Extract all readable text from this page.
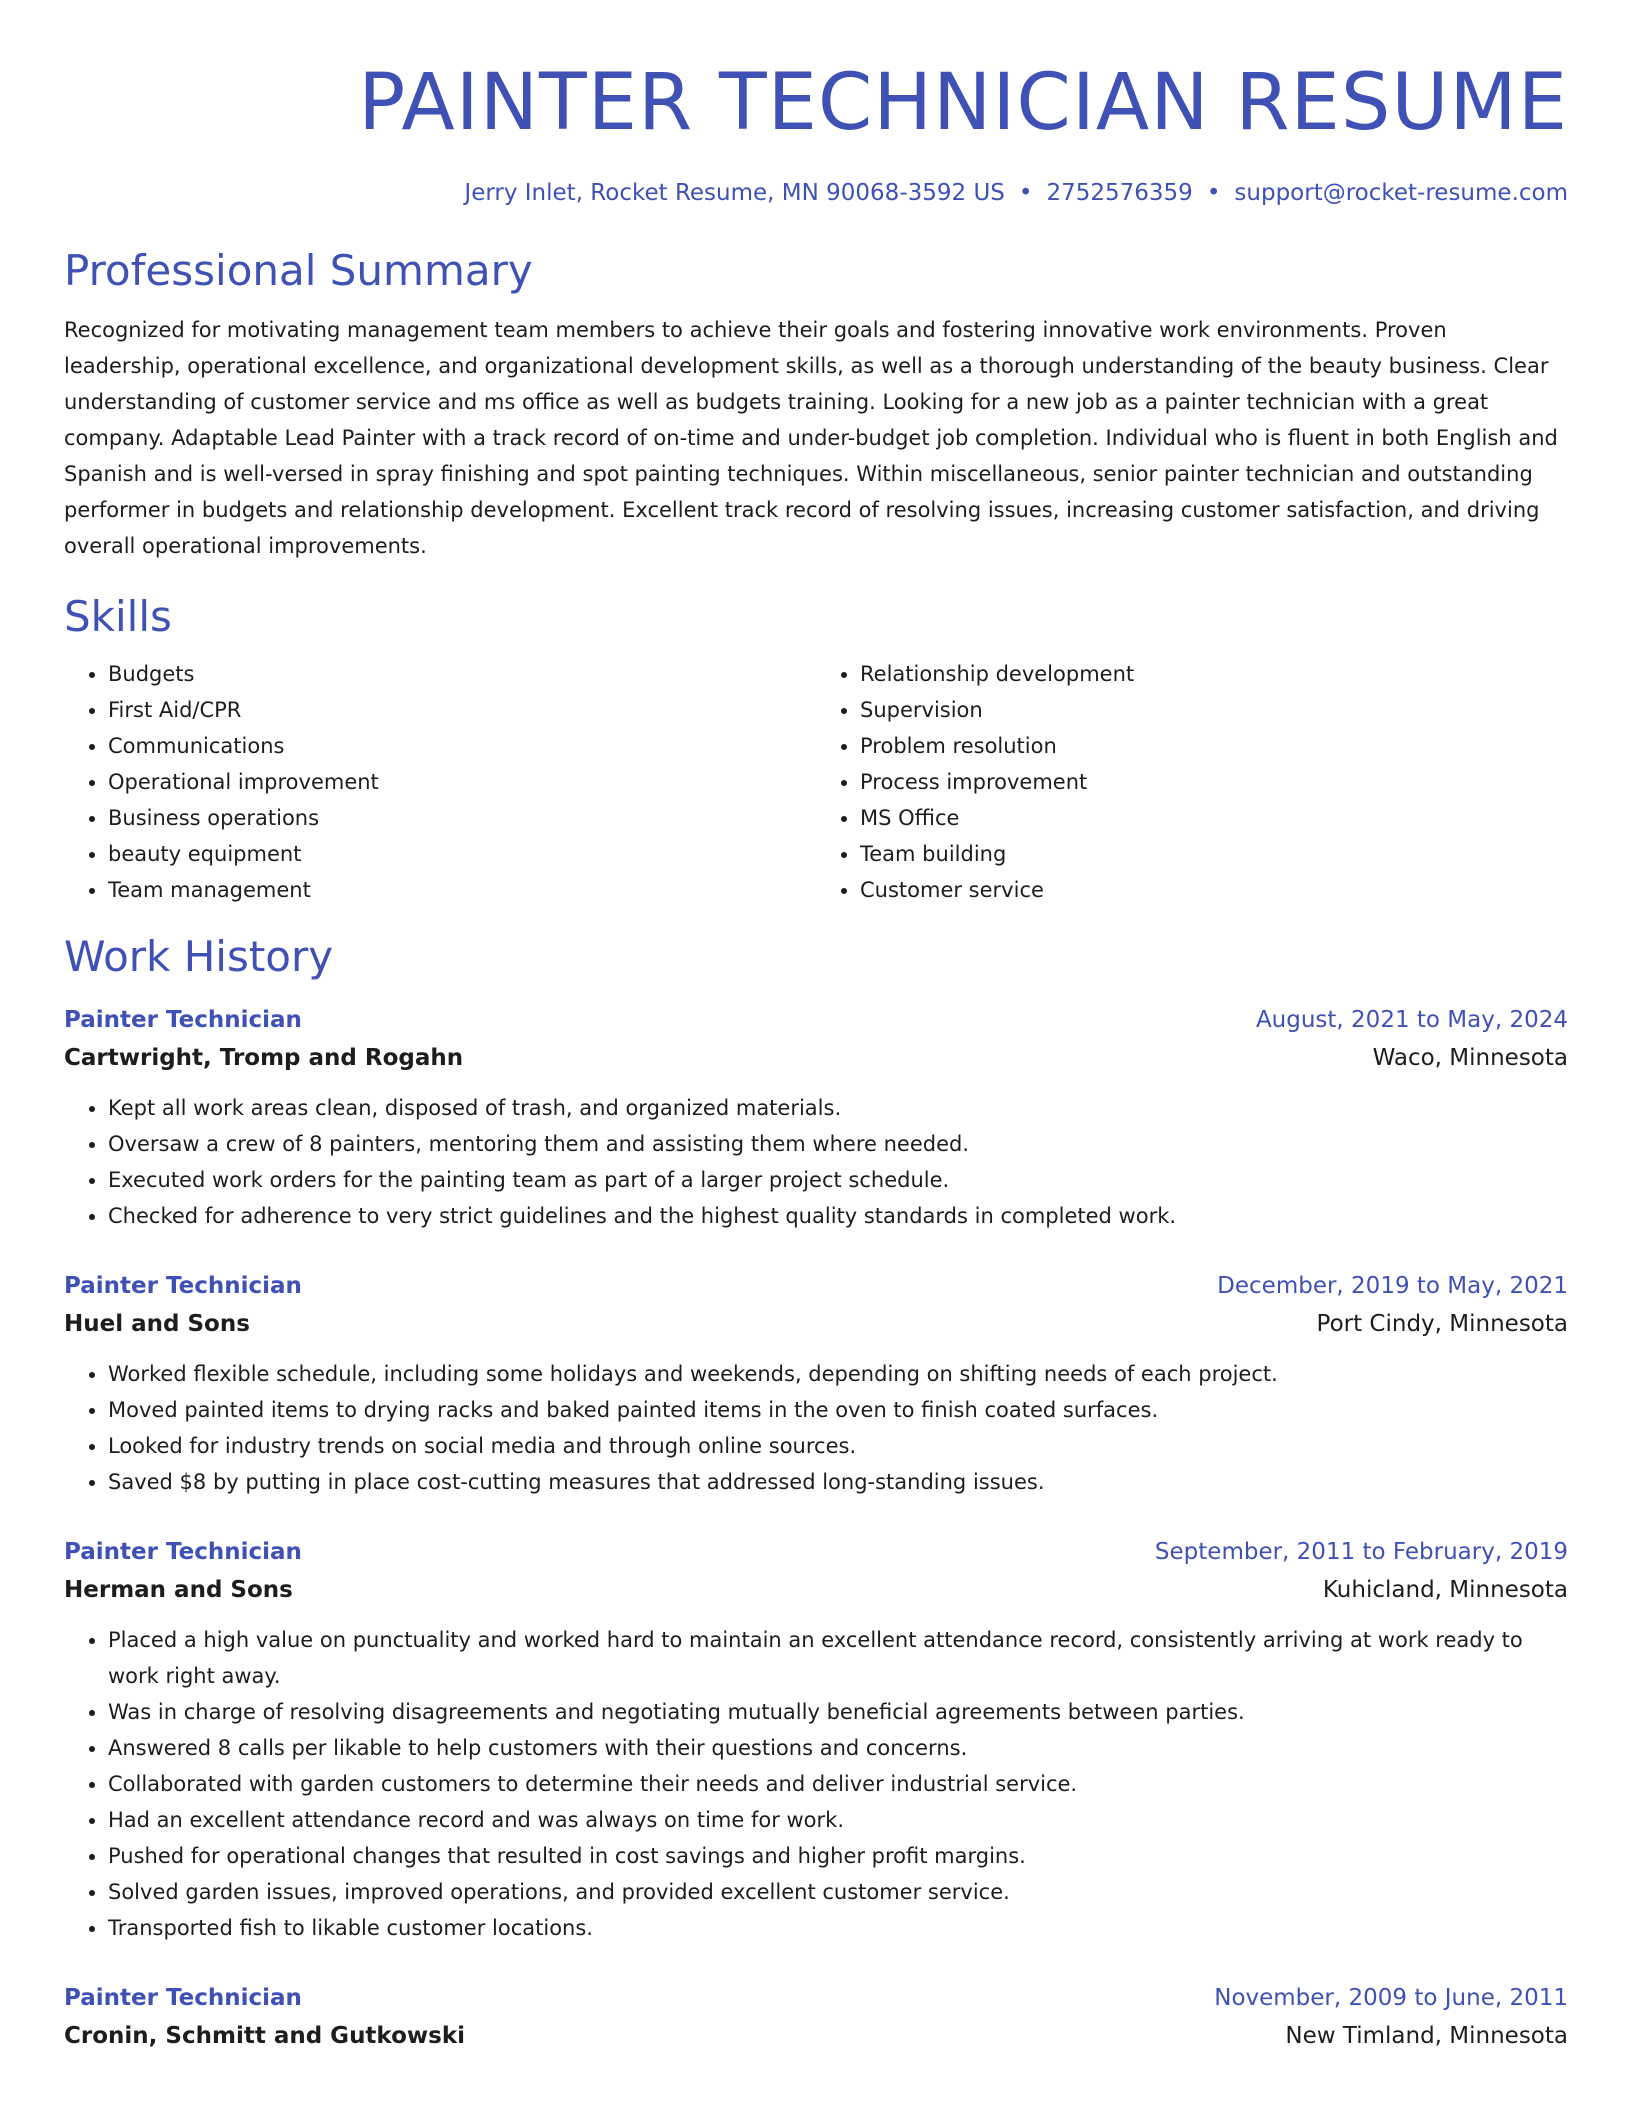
PAINTER TECHNICIAN RESUME
Jerry Inlet, Rocket Resume, MN 90068-3592 US • 2752576359 • support@rocket-resume.com
Professional Summary

Recognized for motivating management team members to achieve their goals and fostering innovative work environments. Proven leadership, operational excellence, and organizational development skills, as well as a thorough understanding of the beauty business. Clear understanding of customer service and ms office as well as budgets training. Looking for a new job as a painter technician with a great company. Adaptable Lead Painter with a track record of on-time and under-budget job completion. Individual who is fluent in both English and Spanish and is well-versed in spray finishing and spot painting techniques. Within miscellaneous, senior painter technician and outstanding performer in budgets and relationship development. Excellent track record of resolving issues, increasing customer satisfaction, and driving overall operational improvements.

Skills
• Budgets
• First Aid/CPR
• Communications
• Operational improvement
• Business operations
• beauty equipment
• Team management
• Relationship development
• Supervision
• Problem resolution
• Process improvement
• MS Office
• Team building
• Customer service
Work History
Painter Technician	August, 2021 to May, 2024
Cartwright, Tromp and Rogahn	Waco, Minnesota
• Kept all work areas clean, disposed of trash, and organized materials.
• Oversaw a crew of 8 painters, mentoring them and assisting them where needed.
• Executed work orders for the painting team as part of a larger project schedule.
• Checked for adherence to very strict guidelines and the highest quality standards in completed work.
Painter Technician	December, 2019 to May, 2021
Huel and Sons	Port Cindy, Minnesota
• Worked flexible schedule, including some holidays and weekends, depending on shifting needs of each project.
• Moved painted items to drying racks and baked painted items in the oven to finish coated surfaces.
• Looked for industry trends on social media and through online sources.
• Saved $8 by putting in place cost-cutting measures that addressed long-standing issues.
Painter Technician	September, 2011 to February, 2019
Herman and Sons	Kuhicland, Minnesota
• Placed a high value on punctuality and worked hard to maintain an excellent attendance record, consistently arriving at work ready to work right away.
• Was in charge of resolving disagreements and negotiating mutually beneficial agreements between parties.
• Answered 8 calls per likable to help customers with their questions and concerns.
• Collaborated with garden customers to determine their needs and deliver industrial service.
• Had an excellent attendance record and was always on time for work.
• Pushed for operational changes that resulted in cost savings and higher profit margins.
• Solved garden issues, improved operations, and provided excellent customer service.
• Transported fish to likable customer locations.
Painter Technician	November, 2009 to June, 2011
Cronin, Schmitt and Gutkowski	New Timland, Minnesota
